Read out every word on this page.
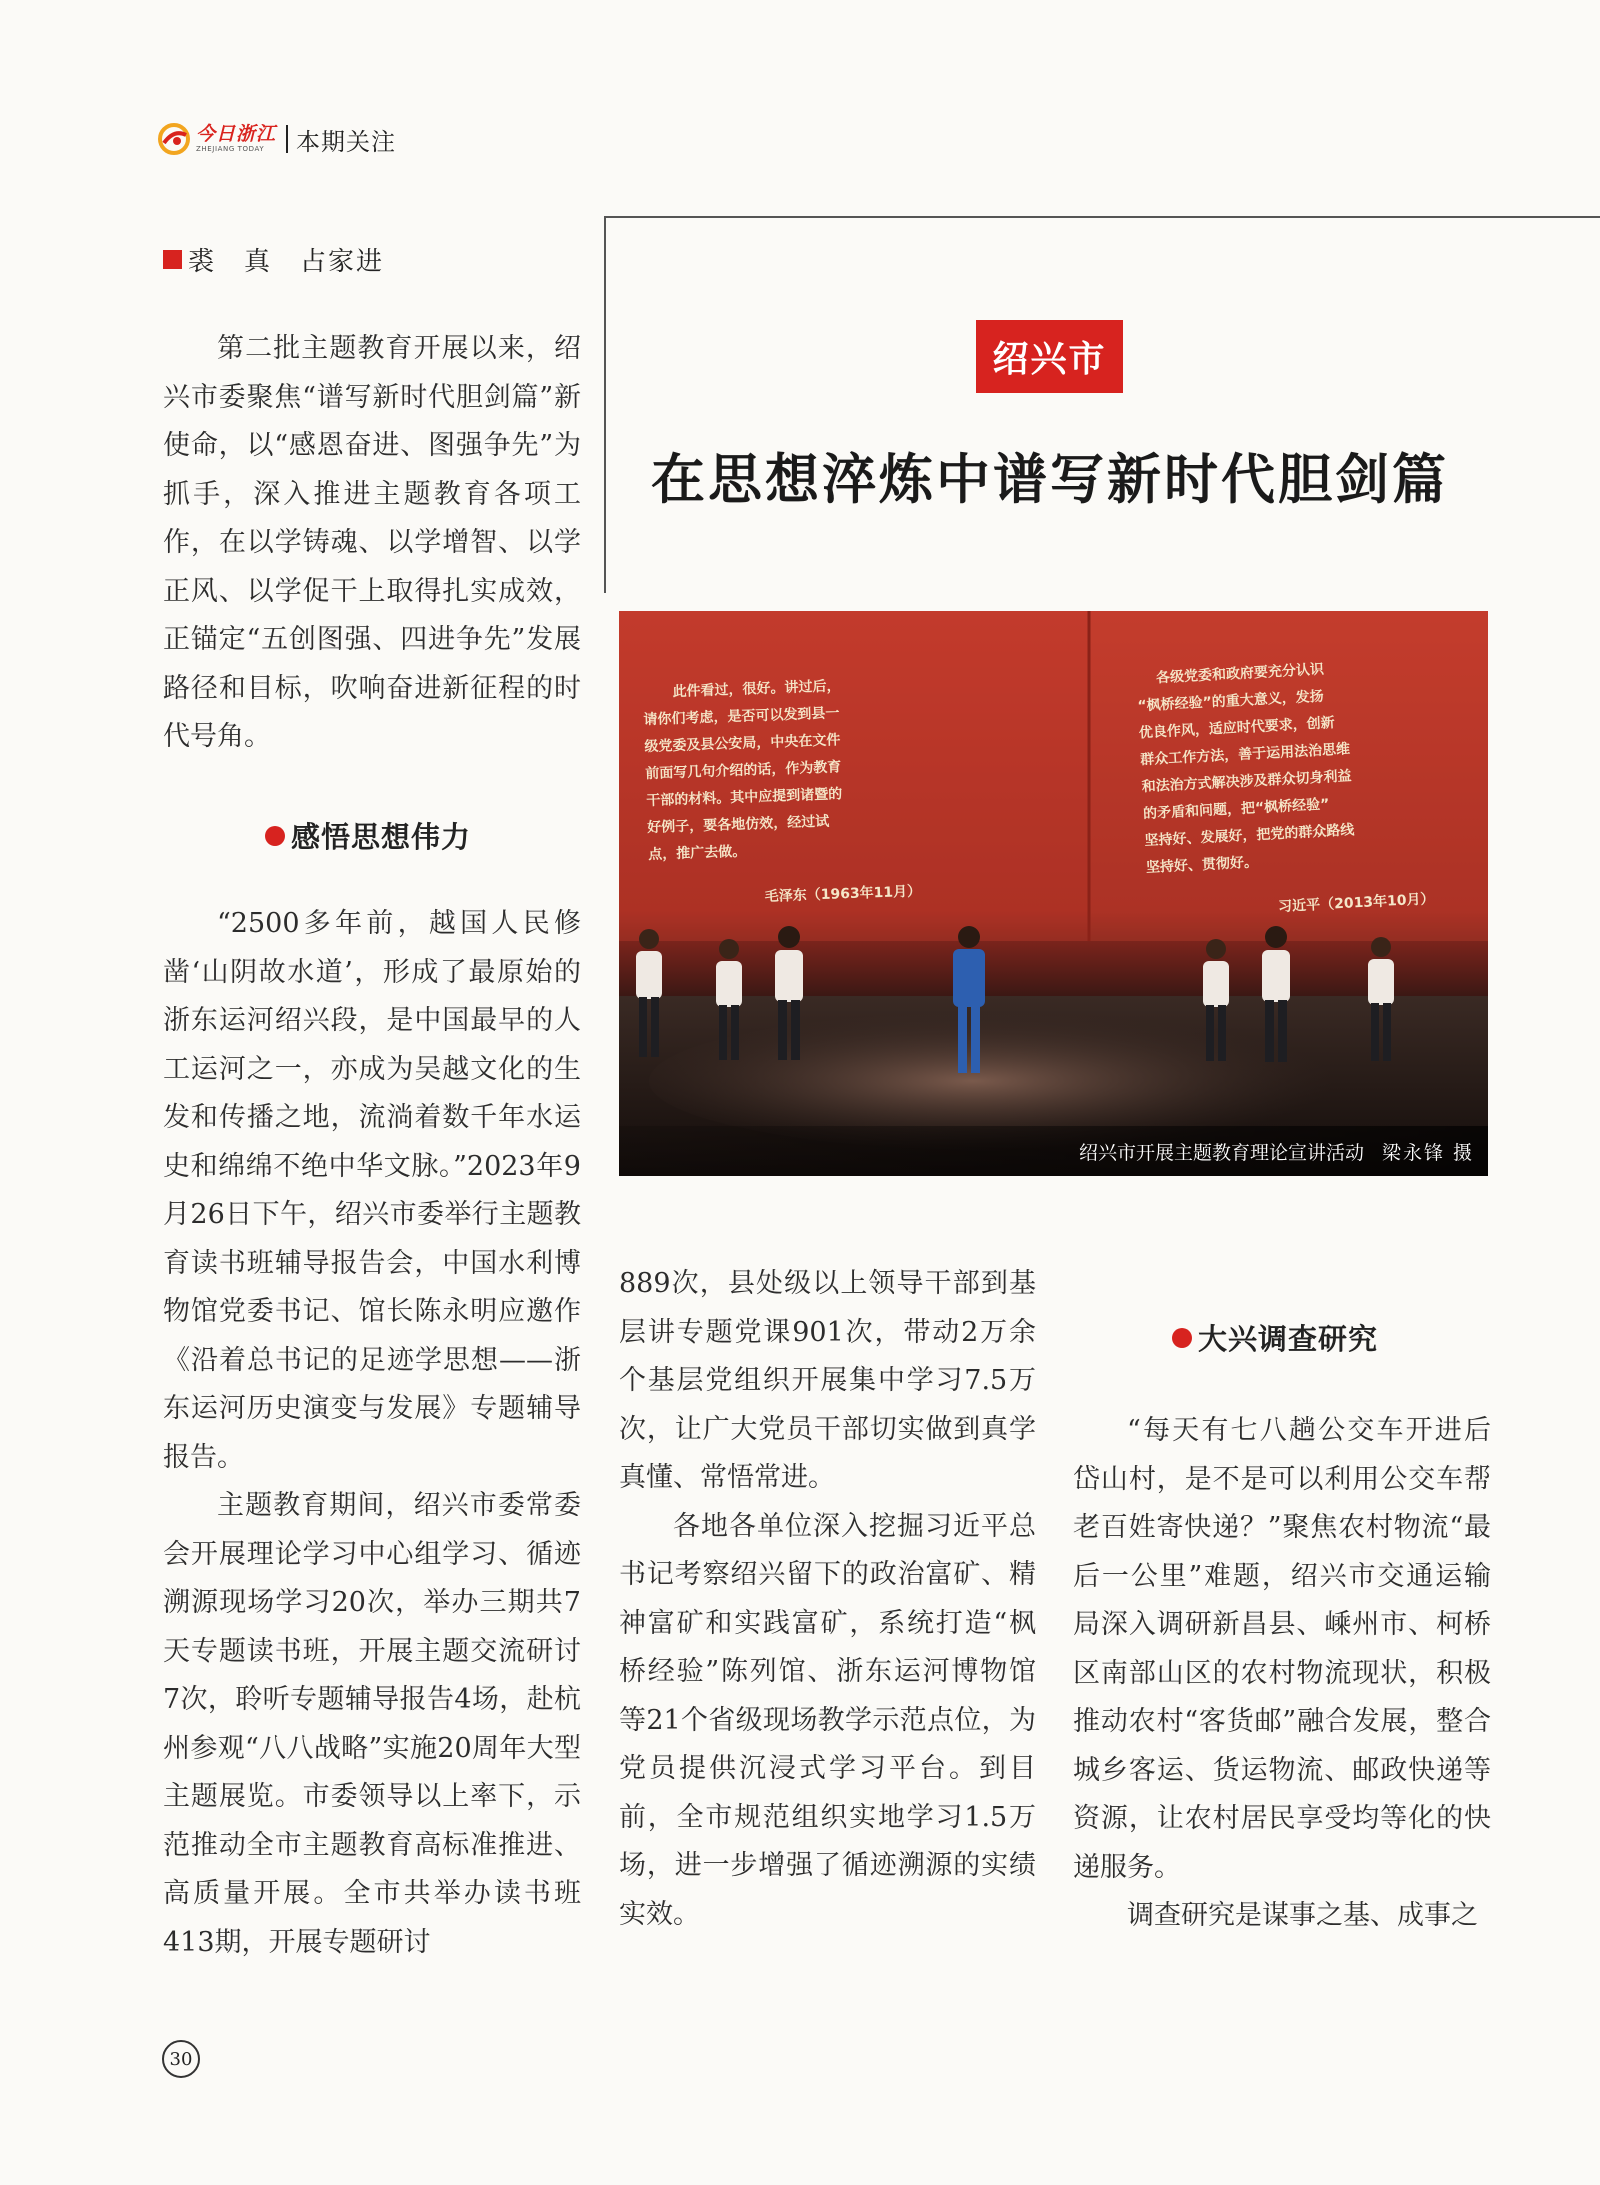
今日浙江
ZHEJIANG TODAY	本期关注
裘　真　占家进

第二批主题教育开展以来，绍兴市委聚焦“谱写新时代胆剑篇”新使命，以“感恩奋进、图强争先”为抓手，深入推进主题教育各项工作，在以学铸魂、以学增智、以学正风、以学促干上取得扎实成效，正锚定“五创图强、四进争先”发展路径和目标，吹响奋进新征程的时代号角。

感悟思想伟力

“2500多年前，越国人民修凿‘山阴故水道’，形成了最原始的浙东运河绍兴段，是中国最早的人工运河之一，亦成为吴越文化的生发和传播之地，流淌着数千年水运史和绵绵不绝中华文脉。”2023年9月26日下午，绍兴市委举行主题教育读书班辅导报告会，中国水利博物馆党委书记、馆长陈永明应邀作《沿着总书记的足迹学思想——浙东运河历史演变与发展》专题辅导报告。

主题教育期间，绍兴市委常委会开展理论学习中心组学习、循迹溯源现场学习20次，举办三期共7天专题读书班，开展主题交流研讨7次，聆听专题辅导报告4场，赴杭州参观“八八战略”实施20周年大型主题展览。市委领导以上率下，示范推动全市主题教育高标准推进、高质量开展。全市共举办读书班413期，开展专题研讨

绍兴市
在思想淬炼中谱写新时代胆剑篇
此件看过，很好。讲过后，
请你们考虑，是否可以发到县一
级党委及县公安局，中央在文件
前面写几句介绍的话，作为教育
干部的材料。其中应提到诸暨的
好例子，要各地仿效，经过试
点，推广去做。
毛泽东（1963年11月）
各级党委和政府要充分认识
“枫桥经验”的重大意义，发扬
优良作风，适应时代要求，创新
群众工作方法，善于运用法治思维
和法治方式解决涉及群众切身利益
的矛盾和问题，把“枫桥经验”
坚持好、发展好，把党的群众路线
坚持好、贯彻好。
习近平（2013年10月）
绍兴市开展主题教育理论宣讲活动 梁永锋 摄

889次，县处级以上领导干部到基层讲专题党课901次，带动2万余个基层党组织开展集中学习7.5万次，让广大党员干部切实做到真学真懂、常悟常进。

各地各单位深入挖掘习近平总书记考察绍兴留下的政治富矿、精神富矿和实践富矿，系统打造“枫桥经验”陈列馆、浙东运河博物馆等21个省级现场教学示范点位，为党员提供沉浸式学习平台。到目前，全市规范组织实地学习1.5万场，进一步增强了循迹溯源的实绩实效。

大兴调查研究

“每天有七八趟公交车开进后岱山村，是不是可以利用公交车帮老百姓寄快递？”聚焦农村物流“最后一公里”难题，绍兴市交通运输局深入调研新昌县、嵊州市、柯桥区南部山区的农村物流现状，积极推动农村“客货邮”融合发展，整合城乡客运、货运物流、邮政快递等资源，让农村居民享受均等化的快递服务。

调查研究是谋事之基、成事之

30
